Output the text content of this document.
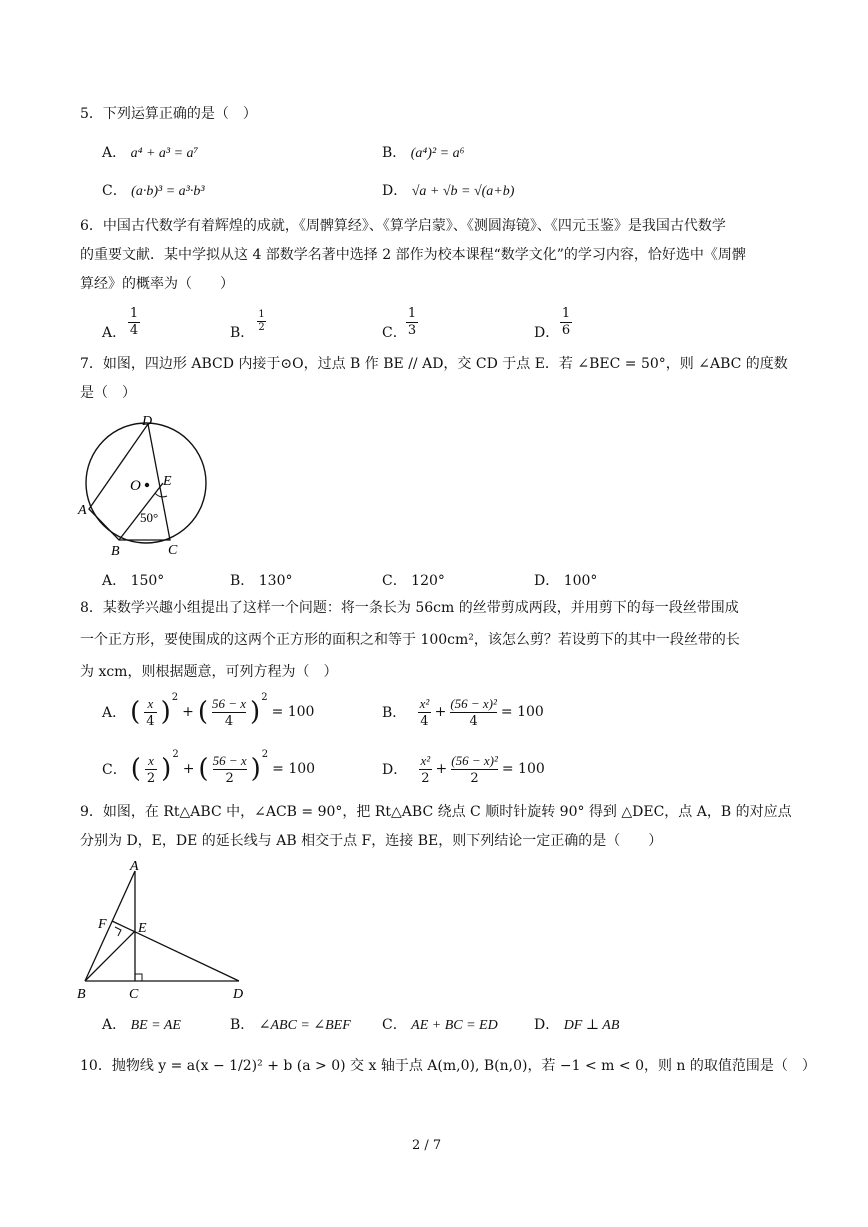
5．下列运算正确的是（　）
A． a⁴ + a³ = a⁷	B． (a⁴)² = a⁶
C． (a·b)³ = a³·b³	D． √a + √b = √(a+b)
6．中国古代数学有着辉煌的成就，《周髀算经》、《算学启蒙》、《测圆海镜》、《四元玉鉴》是我国古代数学
的重要文献．某中学拟从这 4 部数学名著中选择 2 部作为校本课程“数学文化”的学习内容，恰好选中《周髀
算经》的概率为（　　）
A．
1
4	B．
1
2	C．
1
3	D．
1
6
7．如图，四边形 ABCD 内接于⊙O，过点 B 作 BE // AD，交 CD 于点 E．若 ∠BEC = 50°，则 ∠ABC 的度数
是（　）
D
O E
A
B	C
50°
A． 150°	B． 130°	C． 120°	D． 100°
8．某数学兴趣小组提出了这样一个问题：将一条长为 56cm 的丝带剪成两段，并用剪下的每一段丝带围成
一个正方形，要使围成的这两个正方形的面积之和等于 100cm²，该怎么剪？若设剪下的其中一段丝带的长
为 xcm，则根据题意，可列方程为（　）
A． ( x
4 )$^2$
+ ( 56 − x
4 )$^2$
= 100	B．
x²
4
+ $\frac{\text{(56 − x)²}}{4} = 100$
C． ( x
2 )$^2$
+ ( 56 − x
2 )$^2$
= 100	D．
x²
2
+ $\frac{\text{(56 − x)²}}{2} = 100$
9．如图，在 Rt△ABC 中，∠ACB = 90°，把 Rt△ABC 绕点 C 顺时针旋转 90° 得到 △DEC，点 A，B 的对应点
分别为 D，E，DE 的延长线与 AB 相交于点 F，连接 BE，则下列结论一定正确的是（　　）
A
F E
B	C	D
A． BE = AE	B． ∠ABC = ∠BEF C． AE + BC = ED	D． DF ⊥ AB
10．抛物线 y = a(x − 1/2)² + b (a > 0) 交 x 轴于点 A(m,0), B(n,0)，若 −1 < m < 0，则 n 的取值范围是（　）
2 / 7
